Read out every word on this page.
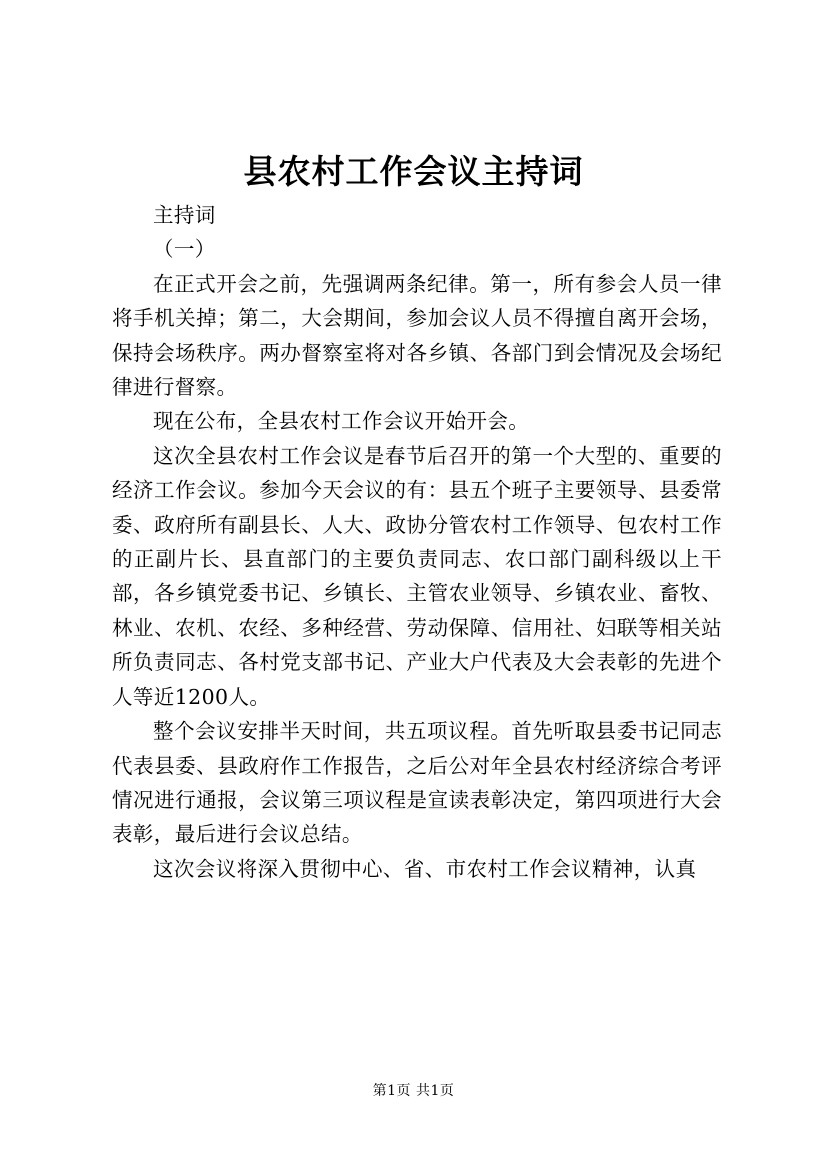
县农村工作会议主持词

主持词

（一）

在正式开会之前，先强调两条纪律。第一，所有参会人员一律将手机关掉；第二，大会期间，参加会议人员不得擅自离开会场，保持会场秩序。两办督察室将对各乡镇、各部门到会情况及会场纪律进行督察。

现在公布，全县农村工作会议开始开会。

这次全县农村工作会议是春节后召开的第一个大型的、重要的经济工作会议。参加今天会议的有：县五个班子主要领导、县委常委、政府所有副县长、人大、政协分管农村工作领导、包农村工作的正副片长、县直部门的主要负责同志、农口部门副科级以上干部，各乡镇党委书记、乡镇长、主管农业领导、乡镇农业、畜牧、林业、农机、农经、多种经营、劳动保障、信用社、妇联等相关站所负责同志、各村党支部书记、产业大户代表及大会表彰的先进个人等近1200人。

整个会议安排半天时间，共五项议程。首先听取县委书记同志代表县委、县政府作工作报告，之后公对年全县农村经济综合考评情况进行通报，会议第三项议程是宣读表彰决定，第四项进行大会表彰，最后进行会议总结。

这次会议将深入贯彻中心、省、市农村工作会议精神，认真

第1页 共1页
